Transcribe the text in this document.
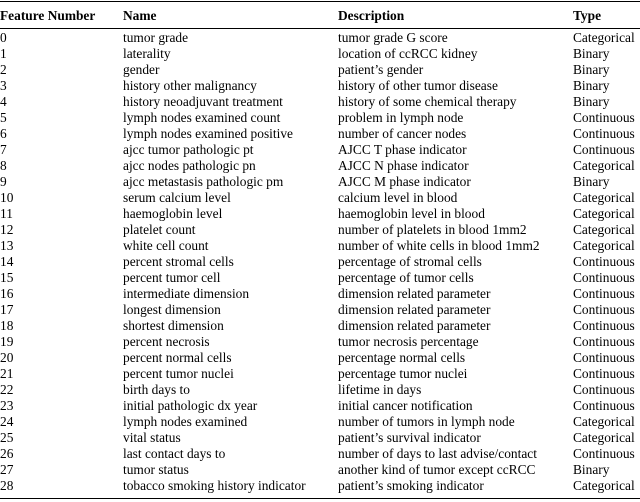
Feature Number	Name	Description	Type

0	tumor grade	tumor grade G score	Categorical
1	laterality	location of ccRCC kidney	Binary
2	gender	patient’s gender	Binary
3	history other malignancy	history of other tumor disease	Binary
4	history neoadjuvant treatment	history of some chemical therapy	Binary
5	lymph nodes examined count	problem in lymph node	Continuous
6	lymph nodes examined positive	number of cancer nodes	Continuous
7	ajcc tumor pathologic pt	AJCC T phase indicator	Continuous
8	ajcc nodes pathologic pn	AJCC N phase indicator	Categorical
9	ajcc metastasis pathologic pm	AJCC M phase indicator	Binary
10	serum calcium level	calcium level in blood	Categorical
11	haemoglobin level	haemoglobin level in blood	Categorical
12	platelet count	number of platelets in blood 1mm2	Categorical
13	white cell count	number of white cells in blood 1mm2	Categorical
14	percent stromal cells	percentage of stromal cells	Continuous
15	percent tumor cell	percentage of tumor cells	Continuous
16	intermediate dimension	dimension related parameter	Continuous
17	longest dimension	dimension related parameter	Continuous
18	shortest dimension	dimension related parameter	Continuous
19	percent necrosis	tumor necrosis percentage	Continuous
20	percent normal cells	percentage normal cells	Continuous
21	percent tumor nuclei	percentage tumor nuclei	Continuous
22	birth days to	lifetime in days	Continuous
23	initial pathologic dx year	initial cancer notification	Continuous
24	lymph nodes examined	number of tumors in lymph node	Categorical
25	vital status	patient’s survival indicator	Categorical
26	last contact days to	number of days to last advise/contact	Continuous
27	tumor status	another kind of tumor except ccRCC	Binary
28	tobacco smoking history indicator	patient’s smoking indicator	Categorical
